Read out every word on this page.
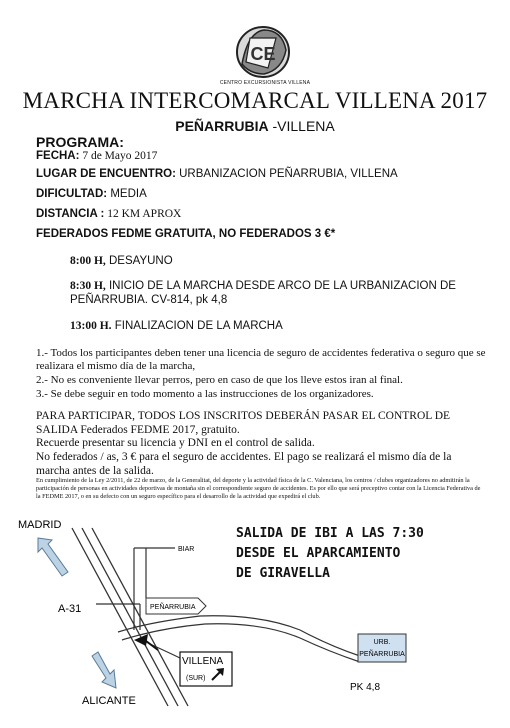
CE
CENTRO EXCURSIONISTA VILLENA
MARCHA INTERCOMARCAL VILLENA 2017
PEÑARRUBIA -VILLENA
PROGRAMA:
FECHA: 7 de Mayo 2017
LUGAR DE ENCUENTRO: URBANIZACION PEÑARRUBIA, VILLENA
DIFICULTAD: MEDIA
DISTANCIA : 12 KM APROX
FEDERADOS FEDME GRATUITA, NO FEDERADOS 3 €*
8:00 H, DESAYUNO
8:30 H, INICIO DE LA MARCHA DESDE ARCO DE LA URBANIZACION DE PEÑARRUBIA. CV-814, pk 4,8
13:00 H. FINALIZACION DE LA MARCHA
1.- Todos los participantes deben tener una licencia de seguro de accidentes federativa o seguro que se realizara el mismo día de la marcha,
2.- No es conveniente llevar perros, pero en caso de que los lleve estos iran al final.
3.- Se debe seguir en todo momento a las instrucciones de los organizadores.
PARA PARTICIPAR, TODOS LOS INSCRITOS DEBERÁN PASAR EL CONTROL DE SALIDA Federados FEDME 2017, gratuito.
Recuerde presentar su licencia y DNI en el control de salida.
No federados / as, 3 € para el seguro de accidentes. El pago se realizará el mismo día de la marcha antes de la salida.
En cumplimiento de la Ley 2/2011, de 22 de marzo, de la Generalitat, del deporte y la actividad física de la C. Valenciana, los centros / clubes organizadores no admitirán la participación de personas en actividades deportivas de montaña sin el correspondiente seguro de accidentes. Es por ello que será preceptivo contar con la Licencia Federativa de la FEDME 2017, o en su defecto con un seguro específico para el desarrollo de la actividad que expedirá el club.
SALIDA DE IBI A LAS 7:30
DESDE EL APARCAMIENTO
DE GIRAVELLA
PEÑARRUBIA
VILLENA
(SUR)
URB.
PEÑARRUBIA
MADRID
BIAR
A-31
ALICANTE
PK 4,8
